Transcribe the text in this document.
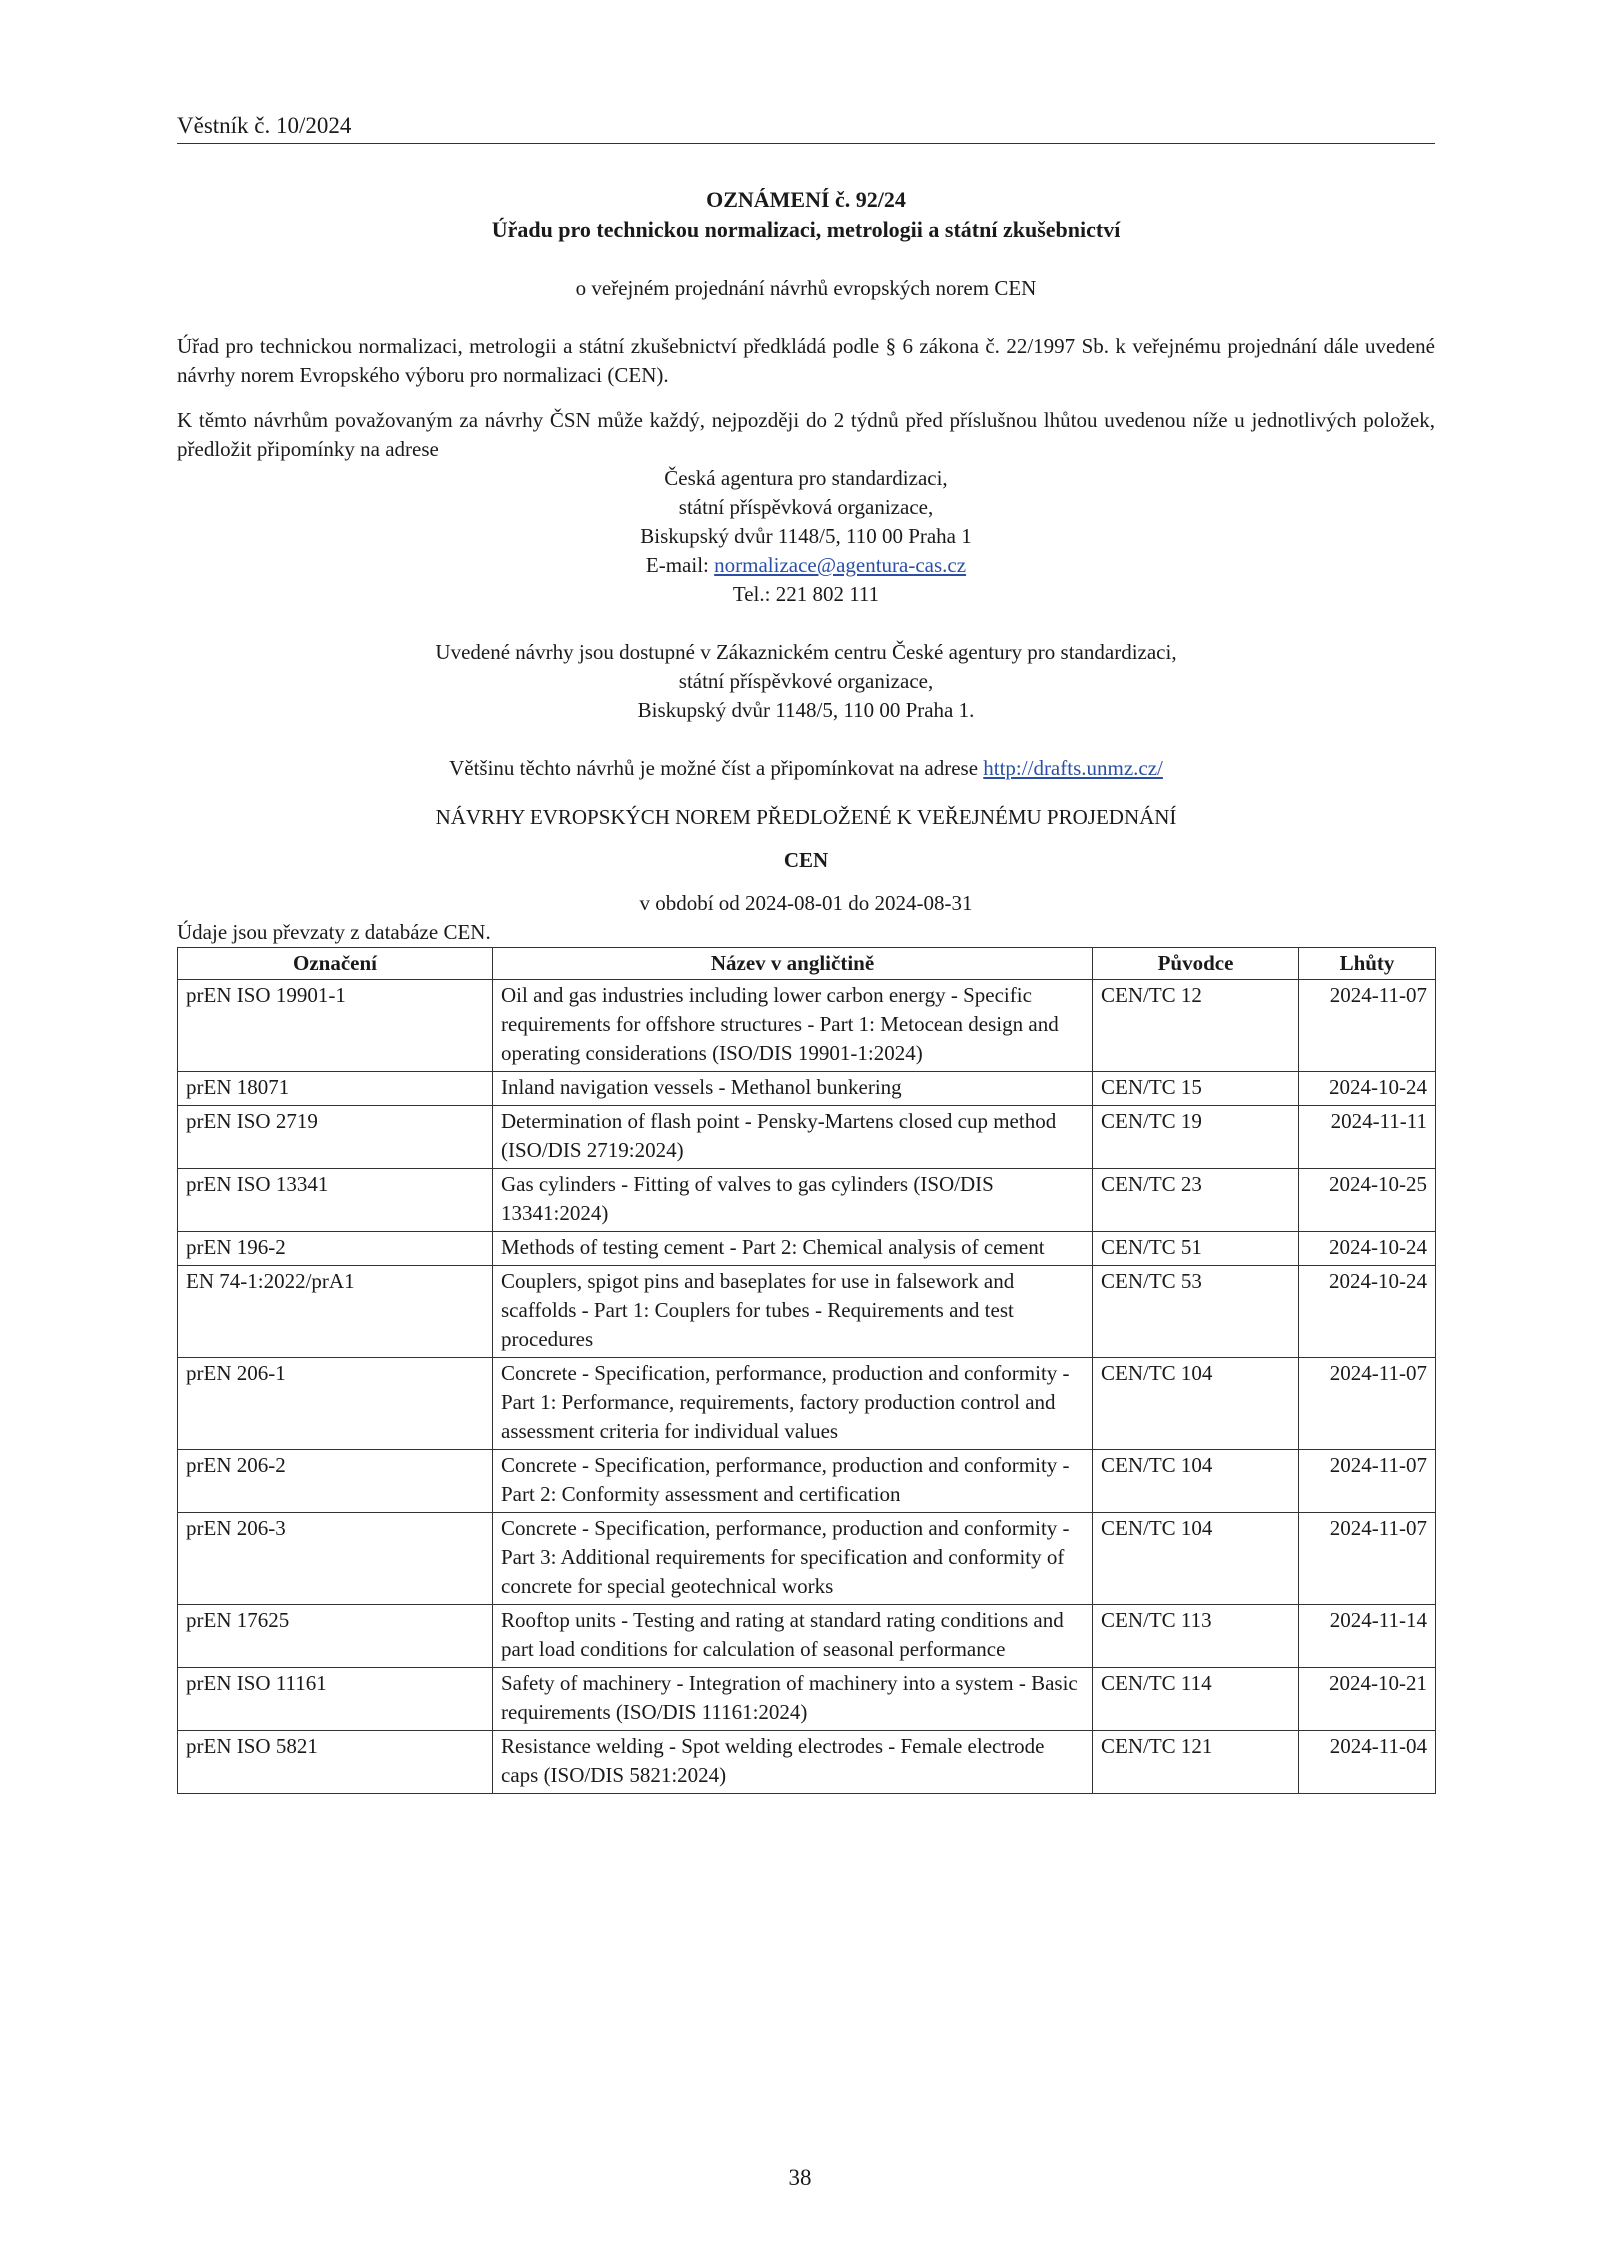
Věstník č. 10/2024

OZNÁMENÍ č. 92/24

Úřadu pro technickou normalizaci, metrologii a státní zkušebnictví

o veřejném projednání návrhů evropských norem CEN

Úřad pro technickou normalizaci, metrologii a státní zkušebnictví předkládá podle § 6 zákona č. 22/1997 Sb. k veřejnému projednání dále uvedené návrhy norem Evropského výboru pro normalizaci (CEN).

K těmto návrhům považovaným za návrhy ČSN může každý, nejpozději do 2 týdnů před příslušnou lhůtou uvedenou níže u jednotlivých položek, předložit připomínky na adrese

Česká agentura pro standardizaci,

státní příspěvková organizace,

Biskupský dvůr 1148/5, 110 00 Praha 1

E-mail: normalizace@agentura-cas.cz

Tel.: 221 802 111

Uvedené návrhy jsou dostupné v Zákaznickém centru České agentury pro standardizaci,

státní příspěvkové organizace,

Biskupský dvůr 1148/5, 110 00 Praha 1.

Většinu těchto návrhů je možné číst a připomínkovat na adrese http://drafts.unmz.cz/

NÁVRHY EVROPSKÝCH NOREM PŘEDLOŽENÉ K VEŘEJNÉMU PROJEDNÁNÍ

CEN

v období od 2024-08-01 do 2024-08-31

Údaje jsou převzaty z databáze CEN.

Označení	Název v angličtině	Původce	Lhůty
prEN ISO 19901-1	Oil and gas industries including lower carbon energy - Specific requirements for offshore structures - Part 1: Metocean design and operating considerations (ISO/DIS 19901-1:2024)	CEN/TC 12	2024-11-07
prEN 18071	Inland navigation vessels - Methanol bunkering	CEN/TC 15	2024-10-24
prEN ISO 2719	Determination of flash point - Pensky-Martens closed cup method (ISO/DIS 2719:2024)	CEN/TC 19	2024-11-11
prEN ISO 13341	Gas cylinders - Fitting of valves to gas cylinders (ISO/DIS 13341:2024)	CEN/TC 23	2024-10-25
prEN 196-2	Methods of testing cement - Part 2: Chemical analysis of cement	CEN/TC 51	2024-10-24
EN 74-1:2022/prA1	Couplers, spigot pins and baseplates for use in falsework and scaffolds - Part 1: Couplers for tubes - Requirements and test procedures	CEN/TC 53	2024-10-24
prEN 206-1	Concrete - Specification, performance, production and conformity - Part 1: Performance, requirements, factory production control and assessment criteria for individual values	CEN/TC 104	2024-11-07
prEN 206-2	Concrete - Specification, performance, production and conformity - Part 2: Conformity assessment and certification	CEN/TC 104	2024-11-07
prEN 206-3	Concrete - Specification, performance, production and conformity - Part 3: Additional requirements for specification and conformity of concrete for special geotechnical works	CEN/TC 104	2024-11-07
prEN 17625	Rooftop units - Testing and rating at standard rating conditions and part load conditions for calculation of seasonal performance	CEN/TC 113	2024-11-14
prEN ISO 11161	Safety of machinery - Integration of machinery into a system - Basic requirements (ISO/DIS 11161:2024)	CEN/TC 114	2024-10-21
prEN ISO 5821	Resistance welding - Spot welding electrodes - Female electrode caps (ISO/DIS 5821:2024)	CEN/TC 121	2024-11-04
38
